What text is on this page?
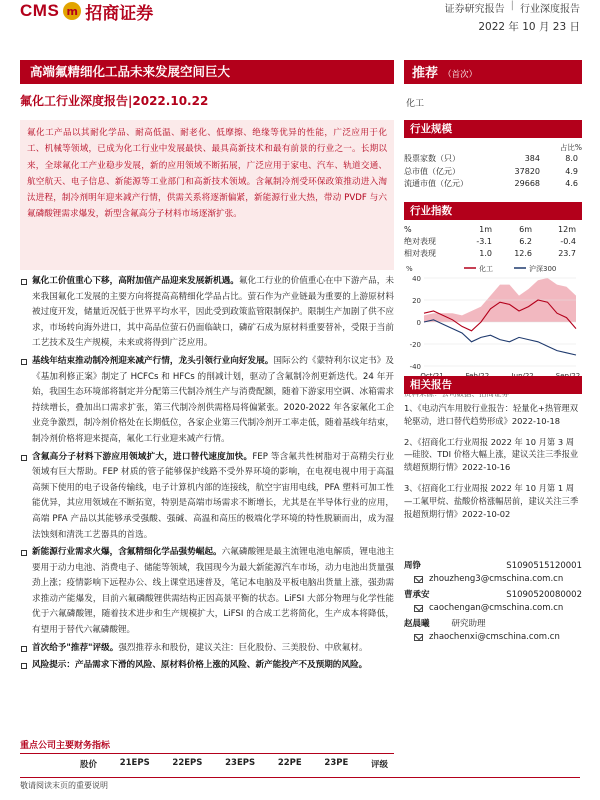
CMS m 招商证券	证券研究报告 | 行业深度报告
2022 年 10 月 23 日
高端氟精细化工品未来发展空间巨大	推荐 （首次）
氟化工行业深度报告|2022.10.22	化工
氟化工产品以其耐化学品、耐高低温、耐老化、低摩擦、绝缘等优异的性能，广泛应用于化工、机械等领域，已成为化工行业中发展最快、最具高新技术和最有前景的行业之一。长期以来，全球氟化工产业稳步发展，新的应用领域不断拓展，广泛应用于家电、汽车、轨道交通、航空航天、电子信息、新能源等工业部门和高新技术领域。含氟制冷剂受环保政策推动进入淘汰进程，制冷剂明年迎来减产行情，供需关系将逐渐偏紧，新能源行业大热，带动 PVDF 与六氟磷酸锂需求爆发，新型含氟高分子材料市场逐渐扩张。
氟化工价值重心下移，高附加值产品迎来发展新机遇。氟化工行业的价值重心在中下游产品，未来我国氟化工发展的主要方向将提高高精细化学品占比。萤石作为产业链最为重要的上游原材料被过度开发，储量近况低于世界平均水平，因此受到政策监管限制保护。限制生产加剧了供不应求，市场转向海外进口，其中高品位萤石仍面临缺口，磷矿石成为原材料重要替补，受限于当前工艺技术及生产规模，未来或将得到广泛应用。
基线年结束推动制冷剂迎来减产行情，龙头引领行业向好发展。国际公约《蒙特利尔议定书》及《基加利修正案》制定了 HCFCs 和 HFCs 的削减计划，驱动了含氟制冷剂更新迭代。24 年开始，我国生态环境部将制定并分配第三代制冷剂生产与消费配额，随着下游家用空调、冰箱需求持续增长，叠加出口需求扩张，第三代制冷剂供需格局将偏紧张。2020-2022 年各家氟化工企业竞争激烈，制冷剂价格处在长期低位，各家企业第三代制冷剂开工率走低，随着基线年结束，制冷剂价格将迎来提高，氟化工行业迎来减产行情。
含氟高分子材料下游应用领域扩大，进口替代速度加快。FEP 等含氟共性树脂对于高精尖行业领域有巨大帮助。FEP 材质的管子能够保护线路不受外界环境的影响，在电视电视中用于高温高频下使用的电子设备传输线，电子计算机内部的连接线，航空宇宙用电线，PFA 塑料可加工性能优异，其应用领域在不断拓宽，特别是高端市场需求不断增长，尤其是在半导体行业的应用，高端 PFA 产品以其能够承受强酸、强碱、高温和高压的极端化学环境的特性脱颖而出，成为湿法蚀刻和清洗工艺器具的首选。
新能源行业需求火爆，含氟精细化学品强势崛起。六氟磷酸锂是最主流锂电池电解质，锂电池主要用于动力电池、消费电子、储能等领域，我国现今为最大新能源汽车市场，动力电池出货量强劲上涨；疫情影响下远程办公、线上课堂迅速普及，笔记本电脑及平板电脑出货量上涨，强劲需求推动产能爆发，目前六氟磷酸锂供需结构正因高景平衡的状态。LiFSI 大部分物理与化学性能优于六氟磷酸锂，随着技术进步和生产规模扩大，LiFSI 的合成工艺将简化，生产成本将降低，有望用于替代六氟磷酸锂。
首次给予"推荐"评级。强烈推荐永和股份，建议关注：巨化股份、三美股份、中欣氟材。
风险提示：产品需求下滑的风险、原材料价格上涨的风险、新产能投产不及预期的风险。
重点公司主要财务指标
股价	21EPS	22EPS	23EPS	22PE	23PE	评级
敬请阅读末页的重要说明
行业规模
占比%
股票家数（只）	384	8.0
总市值（亿元）	37820	4.9
流通市值（亿元）	29668	4.6
行业指数
%	1m	6m	12m
绝对表现	-3.1	6.2	-0.4
相对表现	1.0	12.6	23.7
40
20
0
-20
-40
化工	沪深300
%
相关报告
1、《电动汽车用胶行业报告：轻量化+热管理双轮驱动，进口替代趋势形成》2022-10-18
2、《招商化工行业周报 2022 年 10 月第 3 周—硅胶、TDI 价格大幅上涨，建议关注三季报业绩超预期行情》2022-10-16
3、《招商化工行业周报 2022 年 10 月第 1 周—工氟甲烷、盐酸价格涨幅居前，建议关注三季报超预期行情》2022-10-02
周铮	S1090515120001
zhouzheng3@cmschina.com.cn
曹承安	S1090520080002
caochengan@cmschina.com.cn
赵晨曦	研究助理
zhaochenxi@cmschina.com.cn
